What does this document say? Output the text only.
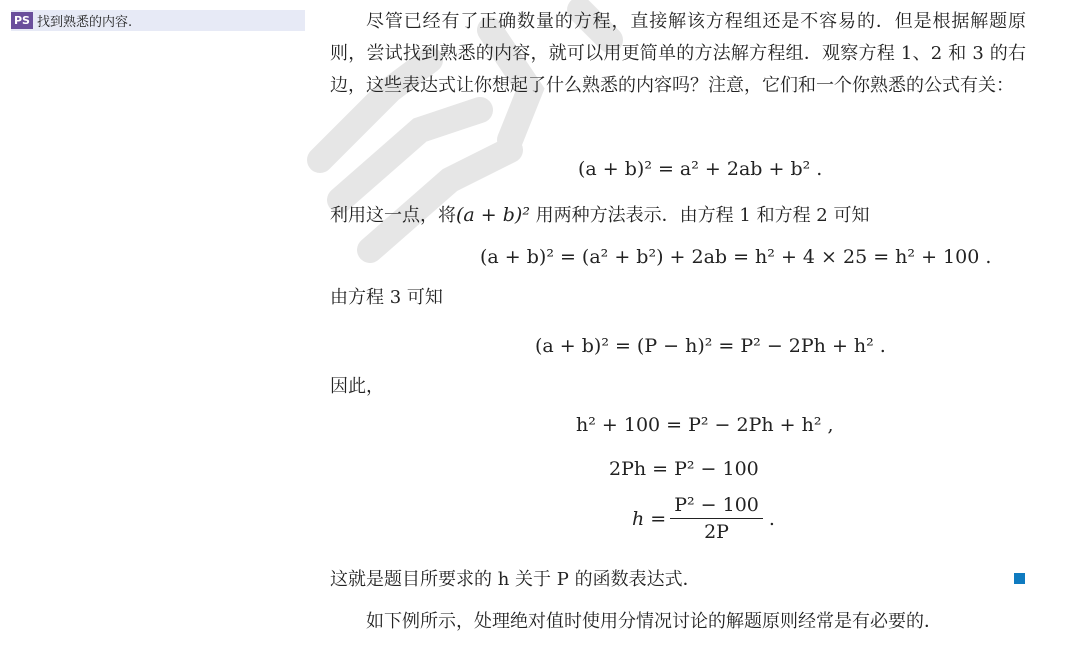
PS 找到熟悉的内容.	尽管已经有了正确数量的方程，直接解该方程组还是不容易的．但是根据解题原则，尝试找到熟悉的内容，就可以用更简单的方法解方程组．观察方程 1、2 和 3 的右边，这些表达式让你想起了什么熟悉的内容吗？注意，它们和一个你熟悉的公式有关：

(a + b)² = a² + 2ab + b² .
利用这一点，将(a + b)² 用两种方法表示．由方程 1 和方程 2 可知
(a + b)² = (a² + b²) + 2ab = h² + 4 × 25 = h² + 100 .
由方程 3 可知
(a + b)² = (P − h)² = P² − 2Ph + h² .
因此，
h² + 100 = P² − 2Ph + h² ,
2Ph = P² − 100
$h = \frac{\text{P² − 100}}{2P}$ .
这就是题目所要求的 h 关于 P 的函数表达式．
如下例所示，处理绝对值时使用分情况讨论的解题原则经常是有必要的．
